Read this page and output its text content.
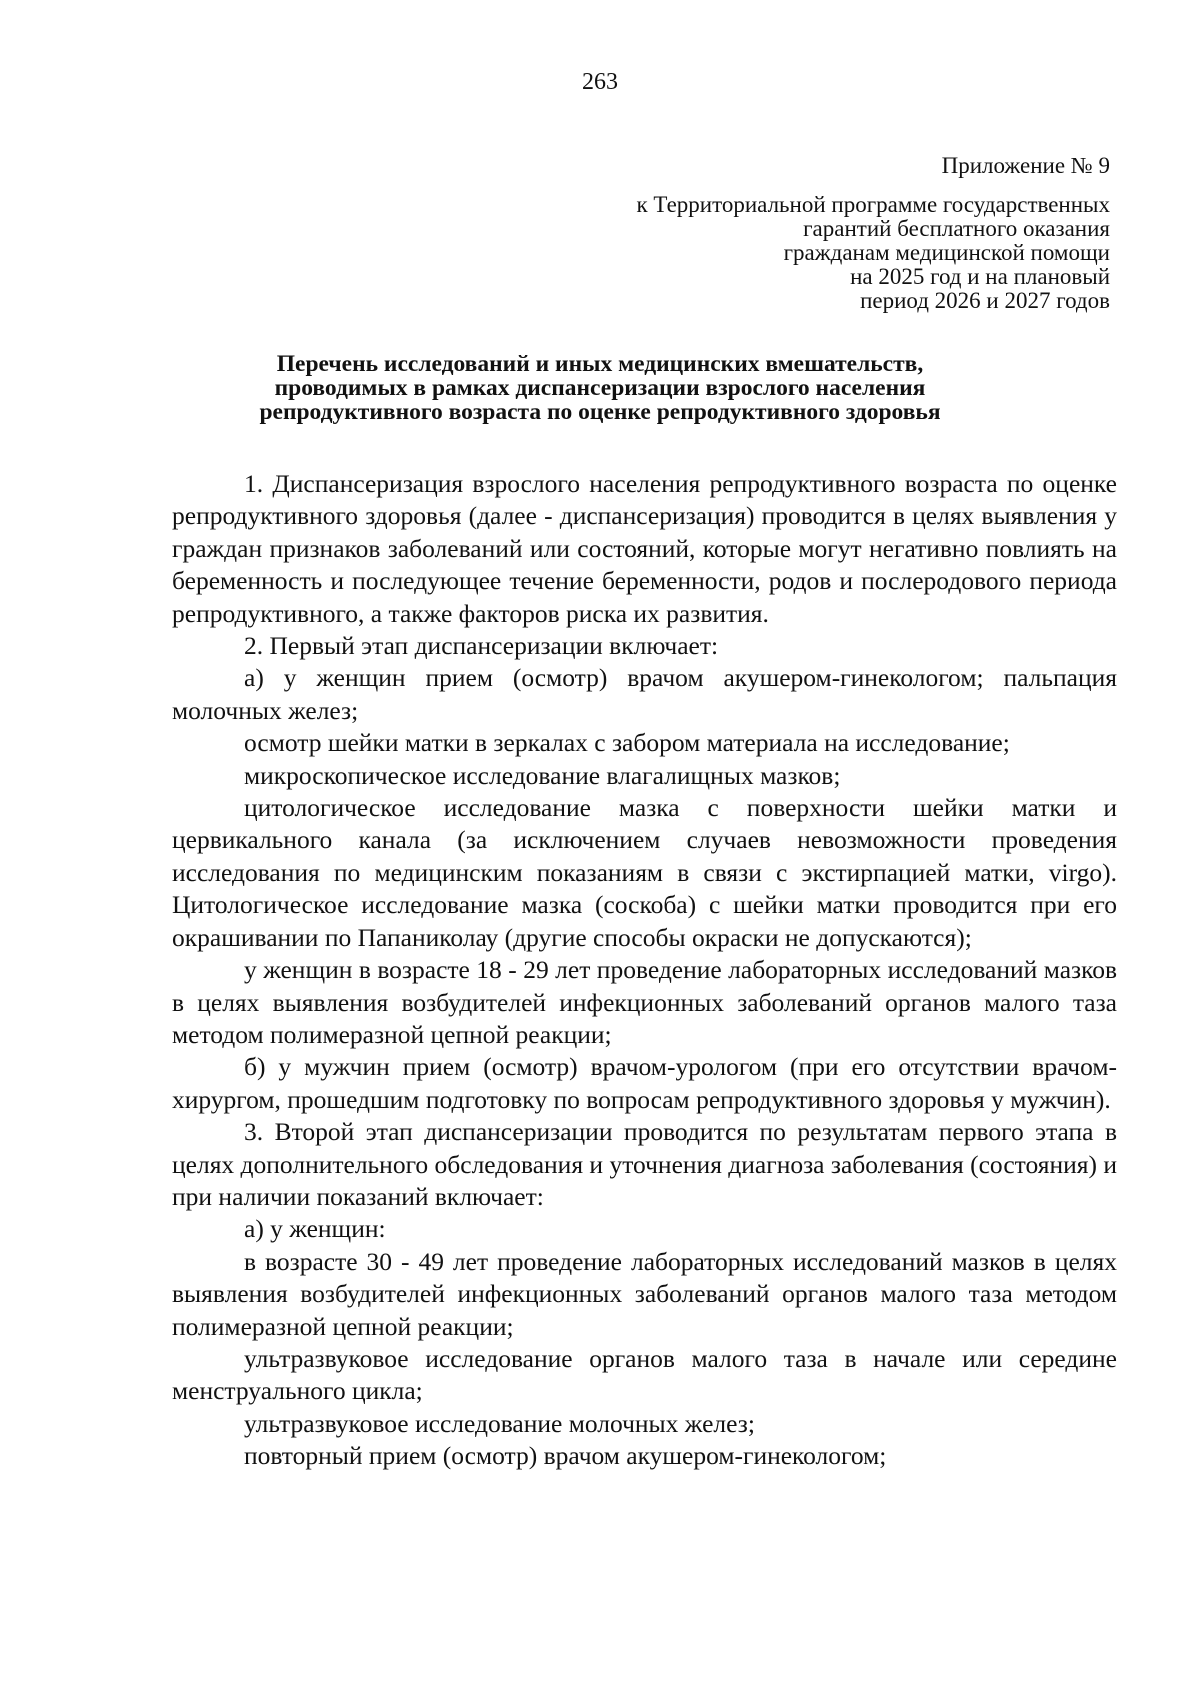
263
Приложение № 9
к Территориальной программе государственных
гарантий бесплатного оказания
гражданам медицинской помощи
на 2025 год и на плановый
период 2026 и 2027 годов
Перечень исследований и иных медицинских вмешательств,
проводимых в рамках диспансеризации взрослого населения
репродуктивного возраста по оценке репродуктивного здоровья

1. Диспансеризация взрослого населения репродуктивного возраста по оценке репродуктивного здоровья (далее - диспансеризация) проводится в целях выявления у граждан признаков заболеваний или состояний, которые могут негативно повлиять на беременность и последующее течение беременности, родов и послеродового периода репродуктивного, а также факторов риска их развития.

2. Первый этап диспансеризации включает:

а) у женщин прием (осмотр) врачом акушером-гинекологом; пальпация молочных желез;

осмотр шейки матки в зеркалах с забором материала на исследование;

микроскопическое исследование влагалищных мазков;

цитологическое исследование мазка с поверхности шейки матки и цервикального канала (за исключением случаев невозможности проведения исследования по медицинским показаниям в связи с экстирпацией матки, virgo). Цитологическое исследование мазка (соскоба) с шейки матки проводится при его окрашивании по Папаниколау (другие способы окраски не допускаются);

у женщин в возрасте 18 - 29 лет проведение лабораторных исследований мазков в целях выявления возбудителей инфекционных заболеваний органов малого таза методом полимеразной цепной реакции;

б) у мужчин прием (осмотр) врачом-урологом (при его отсутствии врачом-хирургом, прошедшим подготовку по вопросам репродуктивного здоровья у мужчин).

3. Второй этап диспансеризации проводится по результатам первого этапа в целях дополнительного обследования и уточнения диагноза заболевания (состояния) и при наличии показаний включает:

а) у женщин:

в возрасте 30 - 49 лет проведение лабораторных исследований мазков в целях выявления возбудителей инфекционных заболеваний органов малого таза методом полимеразной цепной реакции;

ультразвуковое исследование органов малого таза в начале или середине менструального цикла;

ультразвуковое исследование молочных желез;

повторный прием (осмотр) врачом акушером-гинекологом;
